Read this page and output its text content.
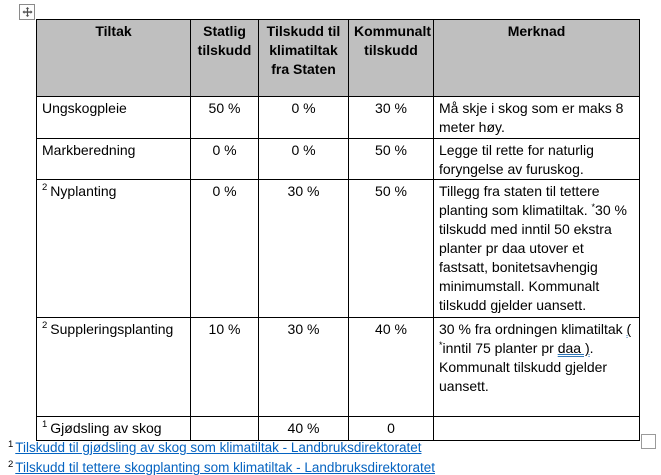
Tiltak	Statlig tilskudd	Tilskudd til klimatiltak fra Staten	Kommunalt tilskudd	Merknad
Ungskogpleie	50 %	0 %	30 %	Må skje i skog som er maks 8 meter høy.
Markberedning	0 %	0 %	50 %	Legge til rette for naturlig foryngelse av furuskog.
$^2$ Nyplanting	0 %	30 %	50 %	Tillegg fra staten til tettere planting som klimatiltak. *30 % tilskudd med inntil 50 ekstra planter pr daa utover et fastsatt, bonitetsavhengig minimumstall. Kommunalt tilskudd gjelder uansett.
$^2$ Suppleringsplanting	10 %	30 %	40 %	30 % fra ordningen klimatiltak ( *inntil 75 planter pr daa ).
Kommunalt tilskudd gjelder uansett.
$^1$ Gjødsling av skog		40 %	0	
$^1$ Tilskudd til gjødsling av skog som klimatiltak - Landbruksdirektoratet
$^2$ Tilskudd til tettere skogplanting som klimatiltak - Landbruksdirektoratet
